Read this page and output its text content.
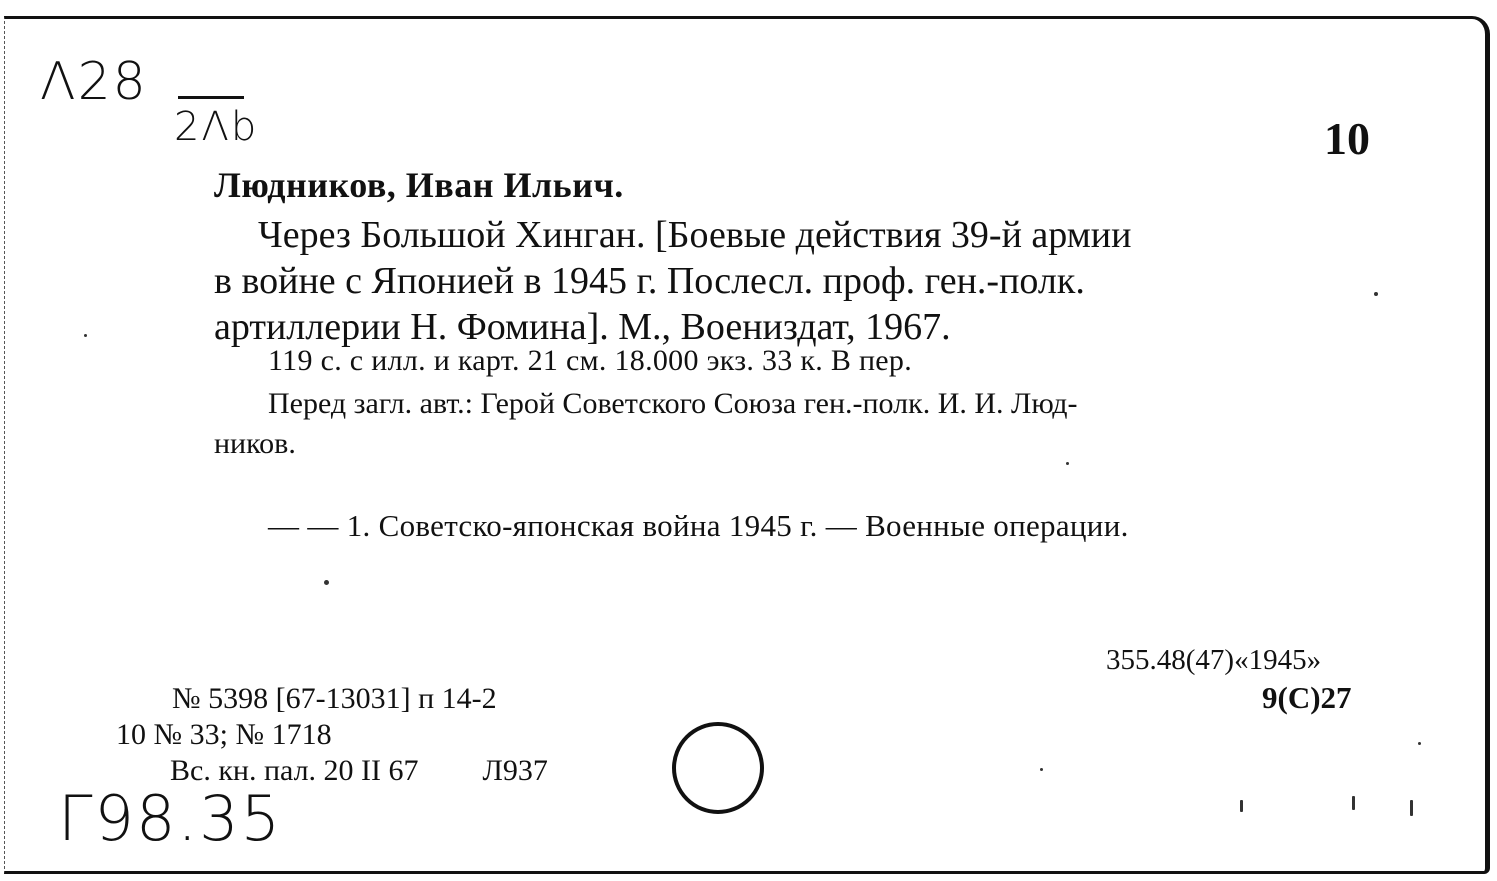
Λ28
2Λb	10
Людников, Иван Ильич.
Через Большой Хинган. [Боевые действия 39-й армии
в войне с Японией в 1945 г. Послесл. проф. ген.-полк.
артиллерии Н. Фомина]. М., Воениздат, 1967.
119 с. с илл. и карт. 21 см. 18.000 экз. 33 к. В пер.
Перед загл. авт.: Герой Советского Союза ген.-полк. И. И. Люд-
ников.
— — 1. Советско-японская война 1945 г. — Военные операции.
355.48(47)«1945»
9(С)27
№ 5398 [67-13031] п 14-2
10 № 33; № 1718
Вс. кн. пал. 20 II 67 Л937
Г98.35
